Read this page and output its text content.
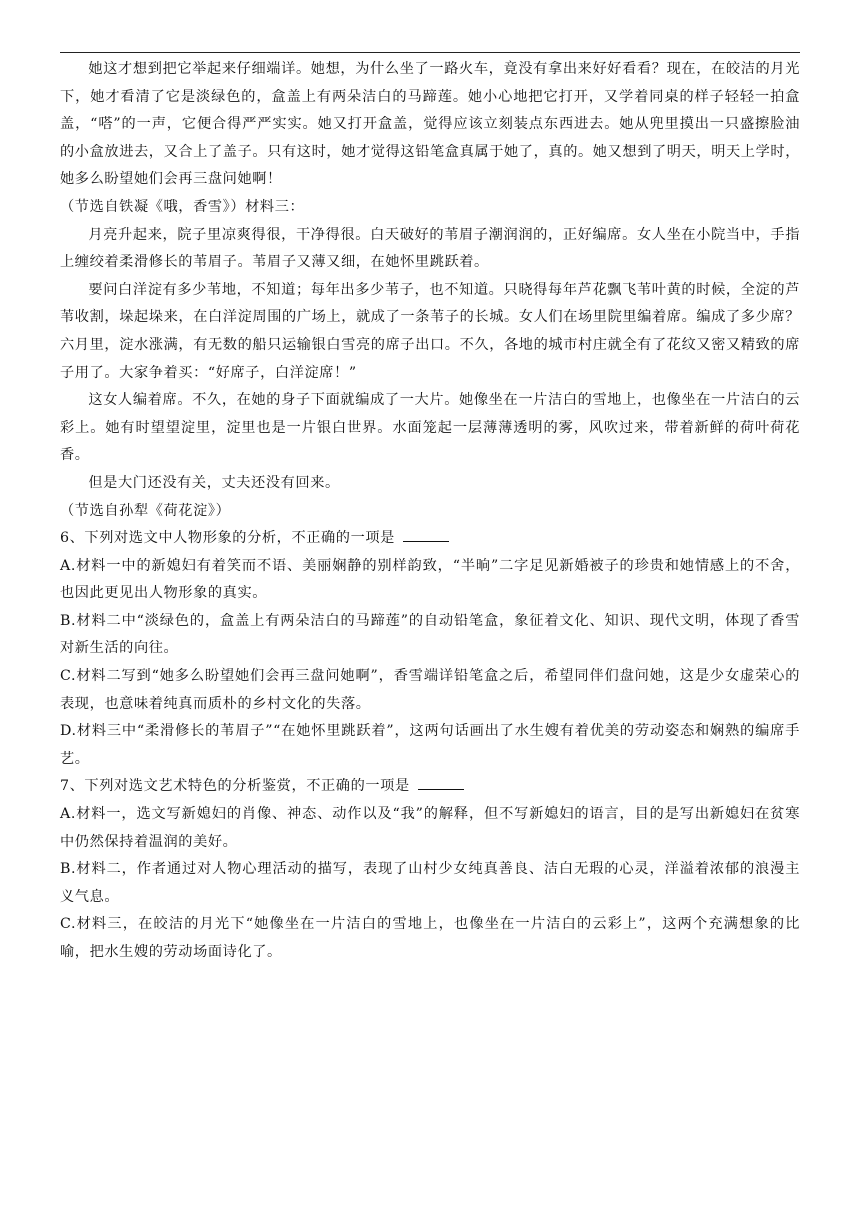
她这才想到把它举起来仔细端详。她想，为什么坐了一路火车，竟没有拿出来好好看看？现在，在皎洁的月光下，她才看清了它是淡绿色的，盒盖上有两朵洁白的马蹄莲。她小心地把它打开，又学着同桌的样子轻轻一拍盒盖，“嗒”的一声，它便合得严严实实。她又打开盒盖，觉得应该立刻装点东西进去。她从兜里摸出一只盛擦脸油的小盒放进去，又合上了盖子。只有这时，她才觉得这铅笔盒真属于她了，真的。她又想到了明天，明天上学时，她多么盼望她们会再三盘问她啊！

（节选自铁凝《哦，香雪》）材料三：

月亮升起来，院子里凉爽得很，干净得很。白天破好的苇眉子潮润润的，正好编席。女人坐在小院当中，手指上缠绞着柔滑修长的苇眉子。苇眉子又薄又细，在她怀里跳跃着。

要问白洋淀有多少苇地，不知道；每年出多少苇子，也不知道。只晓得每年芦花飘飞苇叶黄的时候，全淀的芦苇收割，垛起垛来，在白洋淀周围的广场上，就成了一条苇子的长城。女人们在场里院里编着席。编成了多少席？六月里，淀水涨满，有无数的船只运输银白雪亮的席子出口。不久，各地的城市村庄就全有了花纹又密又精致的席子用了。大家争着买：“好席子，白洋淀席！”

这女人编着席。不久，在她的身子下面就编成了一大片。她像坐在一片洁白的雪地上，也像坐在一片洁白的云彩上。她有时望望淀里，淀里也是一片银白世界。水面笼起一层薄薄透明的雾，风吹过来，带着新鲜的荷叶荷花香。

但是大门还没有关，丈夫还没有回来。

（节选自孙犁《荷花淀》）

6、下列对选文中人物形象的分析，不正确的一项是

A.材料一中的新媳妇有着笑而不语、美丽娴静的别样韵致，“半晌”二字足见新婚被子的珍贵和她情感上的不舍，也因此更见出人物形象的真实。

B.材料二中“淡绿色的，盒盖上有两朵洁白的马蹄莲”的自动铅笔盒，象征着文化、知识、现代文明，体现了香雪对新生活的向往。

C.材料二写到“她多么盼望她们会再三盘问她啊”，香雪端详铅笔盒之后，希望同伴们盘问她，这是少女虚荣心的表现，也意味着纯真而质朴的乡村文化的失落。

D.材料三中“柔滑修长的苇眉子”“在她怀里跳跃着”，这两句话画出了水生嫂有着优美的劳动姿态和娴熟的编席手艺。

7、下列对选文艺术特色的分析鉴赏，不正确的一项是

A.材料一，选文写新媳妇的肖像、神态、动作以及“我”的解释，但不写新媳妇的语言，目的是写出新媳妇在贫寒中仍然保持着温润的美好。

B.材料二，作者通过对人物心理活动的描写，表现了山村少女纯真善良、洁白无瑕的心灵，洋溢着浓郁的浪漫主义气息。

C.材料三，在皎洁的月光下“她像坐在一片洁白的雪地上，也像坐在一片洁白的云彩上”，这两个充满想象的比喻，把水生嫂的劳动场面诗化了。
